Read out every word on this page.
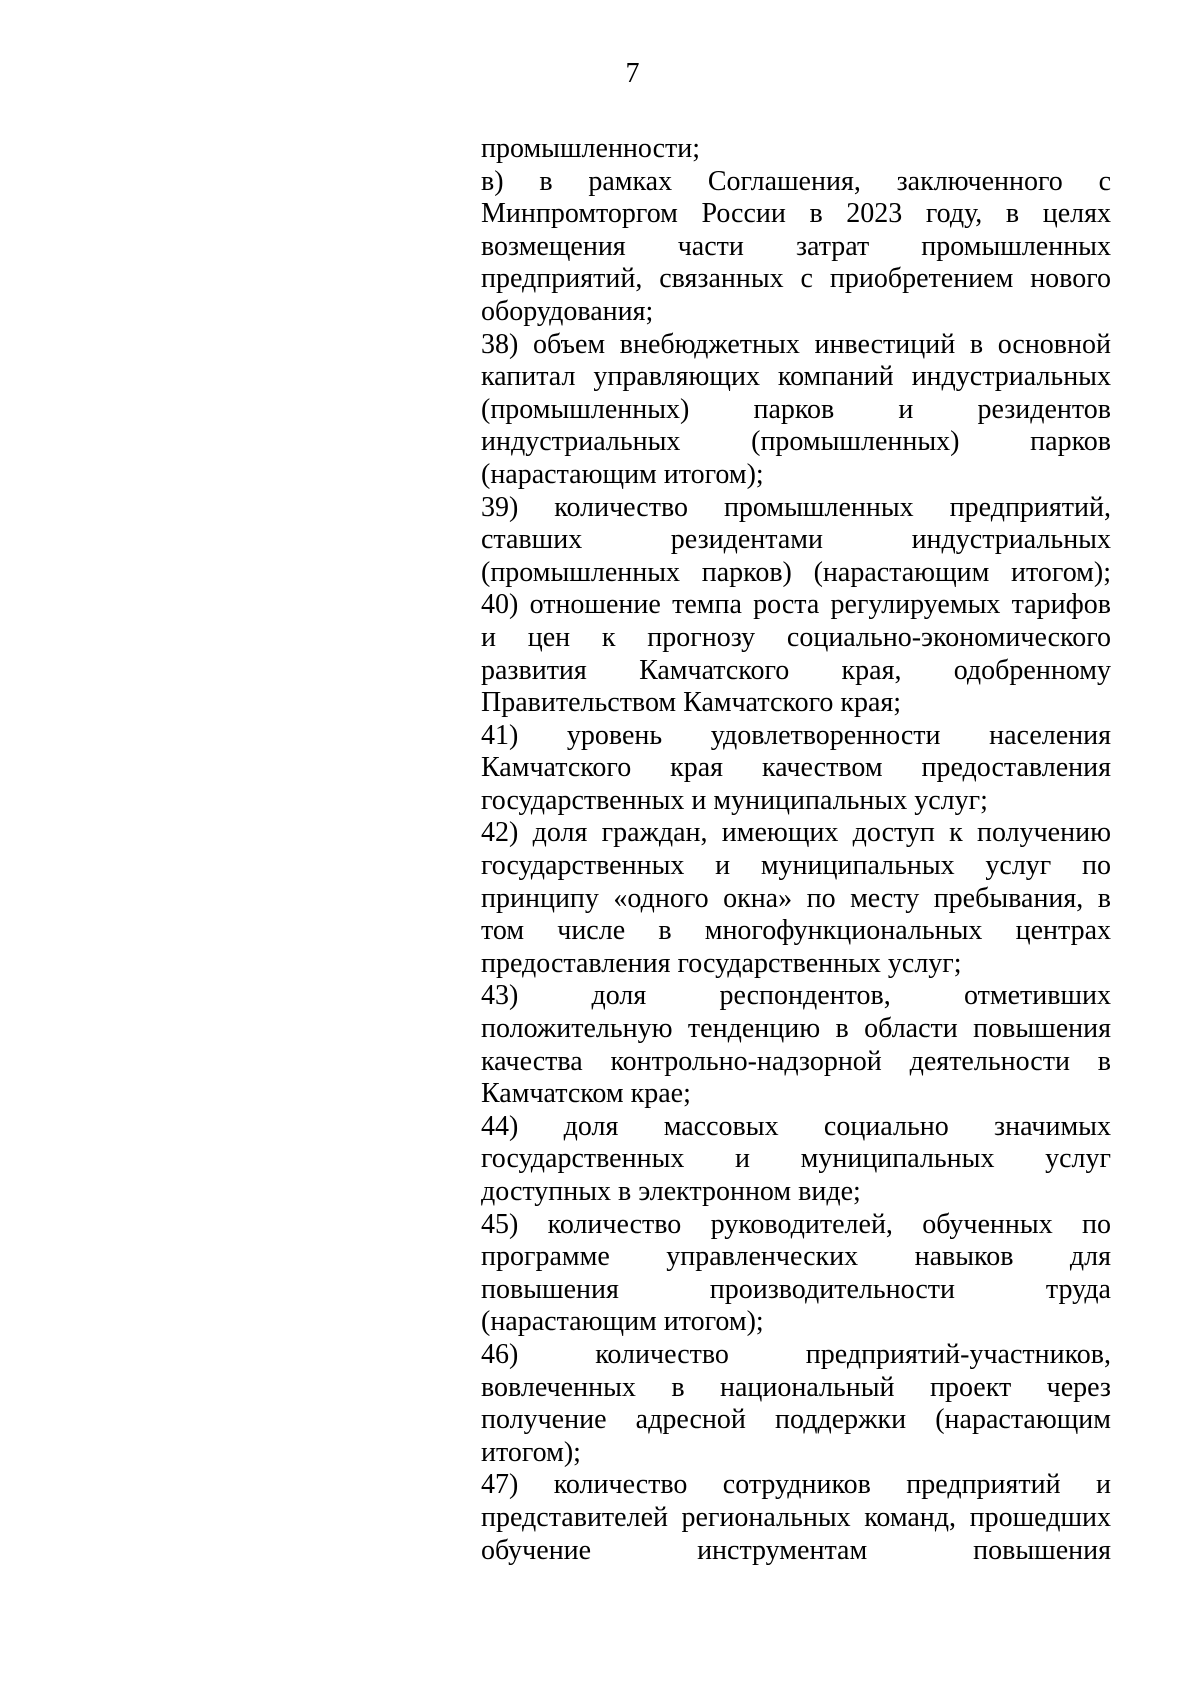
7
промышленности;
в) в рамках Соглашения, заключенного с
Минпромторгом России в 2023 году, в целях
возмещения части затрат промышленных
предприятий, связанных с приобретением нового
оборудования;
38) объем внебюджетных инвестиций в основной
капитал управляющих компаний индустриальных
(промышленных) парков и резидентов
индустриальных (промышленных) парков
(нарастающим итогом);
39) количество промышленных предприятий,
ставших резидентами индустриальных
(промышленных парков) (нарастающим итогом);
40) отношение темпа роста регулируемых тарифов
и цен к прогнозу социально-экономического
развития Камчатского края, одобренному
Правительством Камчатского края;
41) уровень удовлетворенности населения
Камчатского края качеством предоставления
государственных и муниципальных услуг;
42) доля граждан, имеющих доступ к получению
государственных и муниципальных услуг по
принципу «одного окна» по месту пребывания, в
том числе в многофункциональных центрах
предоставления государственных услуг;
43) доля респондентов, отметивших
положительную тенденцию в области повышения
качества контрольно-надзорной деятельности в
Камчатском крае;
44) доля массовых социально значимых
государственных и муниципальных услуг
доступных в электронном виде;
45) количество руководителей, обученных по
программе управленческих навыков для
повышения производительности труда
(нарастающим итогом);
46) количество предприятий-участников,
вовлеченных в национальный проект через
получение адресной поддержки (нарастающим
итогом);
47) количество сотрудников предприятий и
представителей региональных команд, прошедших
обучение инструментам повышения
